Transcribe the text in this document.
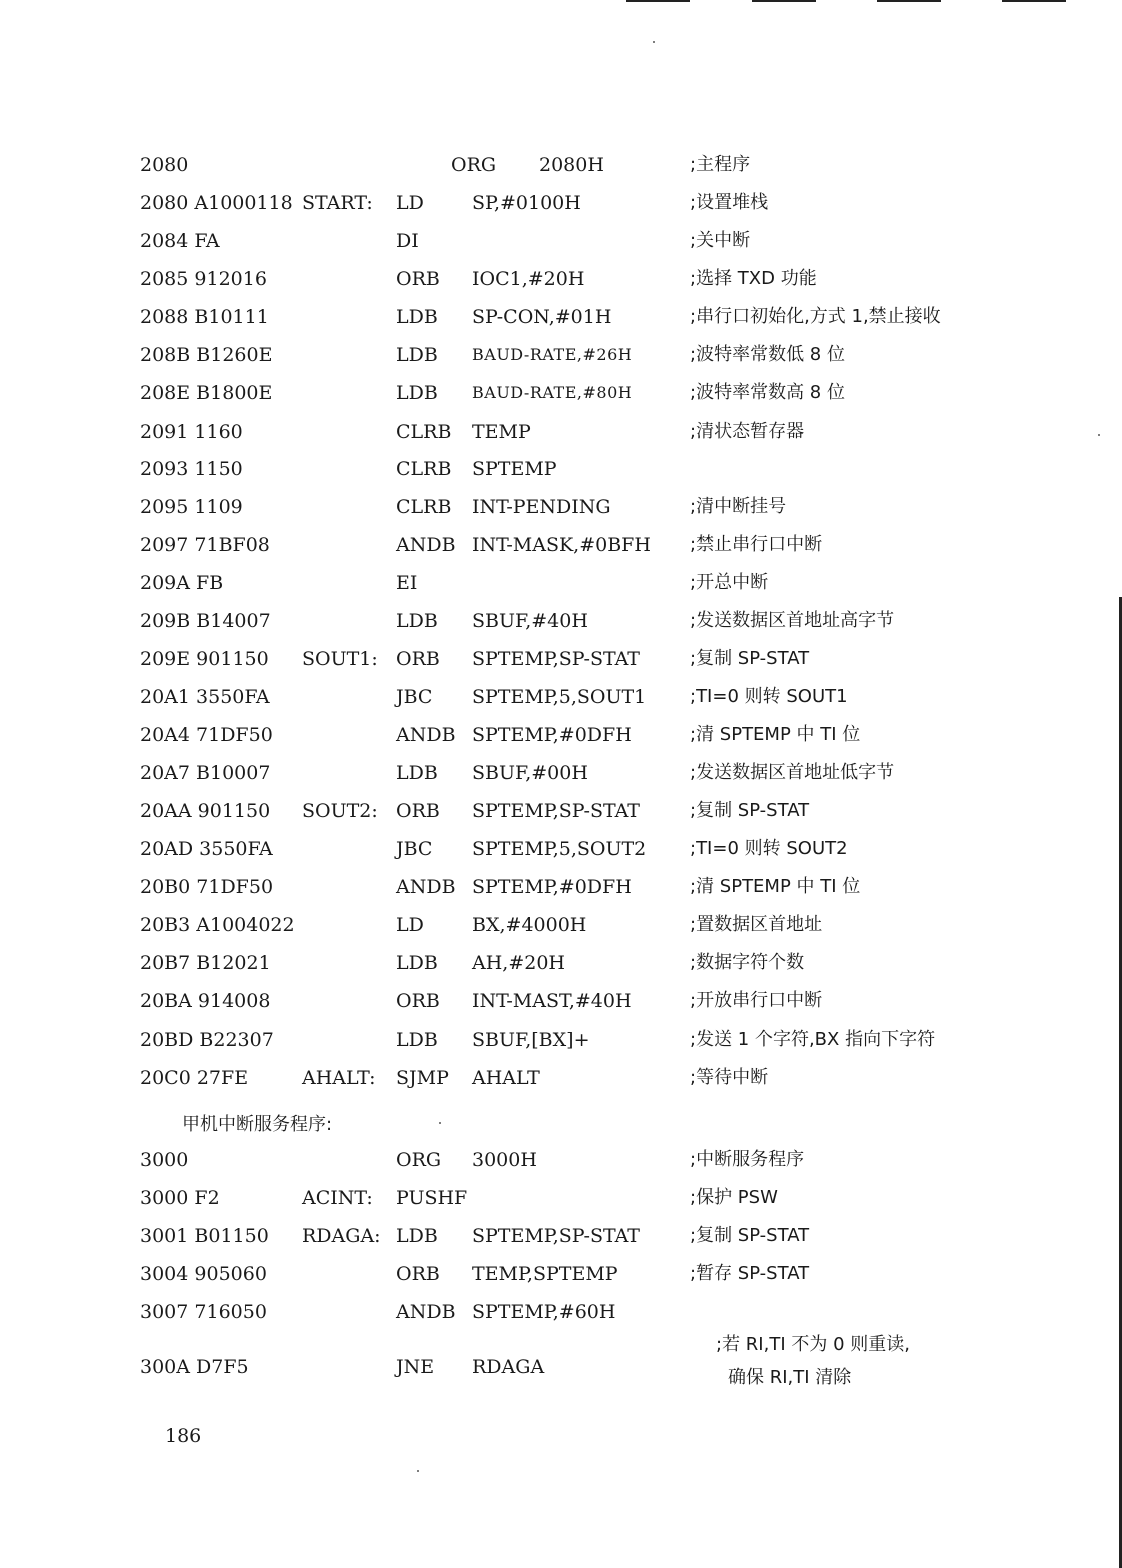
2080	ORG 2080H	;主程序
2080 A1000118 START: LD	SP,#0100H	;设置堆栈
2084 FA	DI	;关中断
2085 912016	ORB IOC1,#20H	;选择 TXD 功能
2088 B10111	LDB SP-CON,#01H	;串行口初始化,方式 1,禁止接收
208B B1260E	LDB BAUD-RATE,#26H	;波特率常数低 8 位
208E B1800E	LDB BAUD-RATE,#80H	;波特率常数高 8 位
2091 1160	CLRB TEMP	;清状态暂存器
2093 1150	CLRB SPTEMP
2095 1109	CLRB INT-PENDING	;清中断挂号
2097 71BF08	ANDB INT-MASK,#0BFH ;禁止串行口中断
209A FB	EI	;开总中断
209B B14007	LDB SBUF,#40H	;发送数据区首地址高字节
209E 901150 SOUT1: ORB SPTEMP,SP-STAT	;复制 SP-STAT
20A1 3550FA	JBC SPTEMP,5,SOUT1 ;TI=0 则转 SOUT1
20A4 71DF50	ANDB SPTEMP,#0DFH	;清 SPTEMP 中 TI 位
20A7 B10007	LDB SBUF,#00H	;发送数据区首地址低字节
20AA 901150 SOUT2: ORB SPTEMP,SP-STAT	;复制 SP-STAT
20AD 3550FA	JBC SPTEMP,5,SOUT2 ;TI=0 则转 SOUT2
20B0 71DF50	ANDB SPTEMP,#0DFH	;清 SPTEMP 中 TI 位
20B3 A1004022	LD	BX,#4000H	;置数据区首地址
20B7 B12021	LDB AH,#20H	;数据字符个数
20BA 914008	ORB INT-MAST,#40H	;开放串行口中断
20BD B22307	LDB SBUF,[BX]+	;发送 1 个字符,BX 指向下字符
20C0 27FE	AHALT: SJMP AHALT	;等待中断
甲机中断服务程序:
3000	ORG 3000H	;中断服务程序
3000 F2	ACINT: PUSHF	;保护 PSW
3001 B01150 RDAGA: LDB SPTEMP,SP-STAT	;复制 SP-STAT
3004 905060	ORB TEMP,SPTEMP	;暂存 SP-STAT
3007 716050	ANDB SPTEMP,#60H
300A D7F5	JNE RDAGA
;若 RI,TI 不为 0 则重读,
确保 RI,TI 清除
186
